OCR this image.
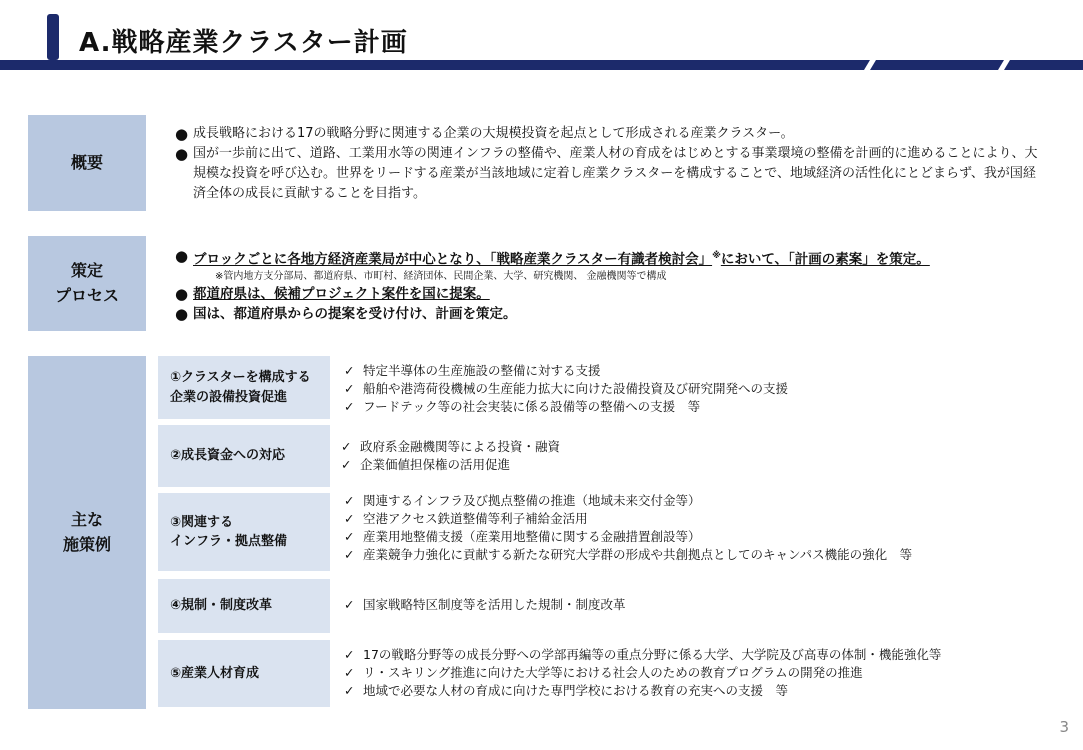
A.戦略産業クラスター計画
概要
● 成長戦略における17の戦略分野に関連する企業の大規模投資を起点として形成される産業クラスター。
● 国が一歩前に出て、道路、工業用水等の関連インフラの整備や、産業人材の育成をはじめとする事業環境の整備を計画的に進めることにより、大規模な投資を呼び込む。世界をリードする産業が当該地域に定着し産業クラスターを構成することで、地域経済の活性化にとどまらず、我が国経済全体の成長に貢献することを目指す。
策定
プロセス
● ブロックごとに各地方経済産業局が中心となり、「戦略産業クラスター有識者検討会」※において、「計画の素案」を策定。
※管内地方支分部局、都道府県、市町村、経済団体、民間企業、大学、研究機関、 金融機関等で構成
● 都道府県は、候補プロジェクト案件を国に提案。
● 国は、都道府県からの提案を受け付け、計画を策定。
主な
施策例
①クラスターを構成する
企業の設備投資促進
✓ 特定半導体の生産施設の整備に対する支援
✓ 船舶や港湾荷役機械の生産能力拡大に向けた設備投資及び研究開発への支援
✓ フードテック等の社会実装に係る設備等の整備への支援　等
②成長資金への対応
✓ 政府系金融機関等による投資・融資
✓ 企業価値担保権の活用促進
③関連する
インフラ・拠点整備
✓ 関連するインフラ及び拠点整備の推進（地域未来交付金等）
✓ 空港アクセス鉄道整備等利子補給金活用
✓ 産業用地整備支援（産業用地整備に関する金融措置創設等）
✓ 産業競争力強化に貢献する新たな研究大学群の形成や共創拠点としてのキャンパス機能の強化　等
④規制・制度改革	✓ 国家戦略特区制度等を活用した規制・制度改革
⑤産業人材育成
✓ 17の戦略分野等の成長分野への学部再編等の重点分野に係る大学、大学院及び高専の体制・機能強化等
✓ リ・スキリング推進に向けた大学等における社会人のための教育プログラムの開発の推進
✓ 地域で必要な人材の育成に向けた専門学校における教育の充実への支援　等
3
